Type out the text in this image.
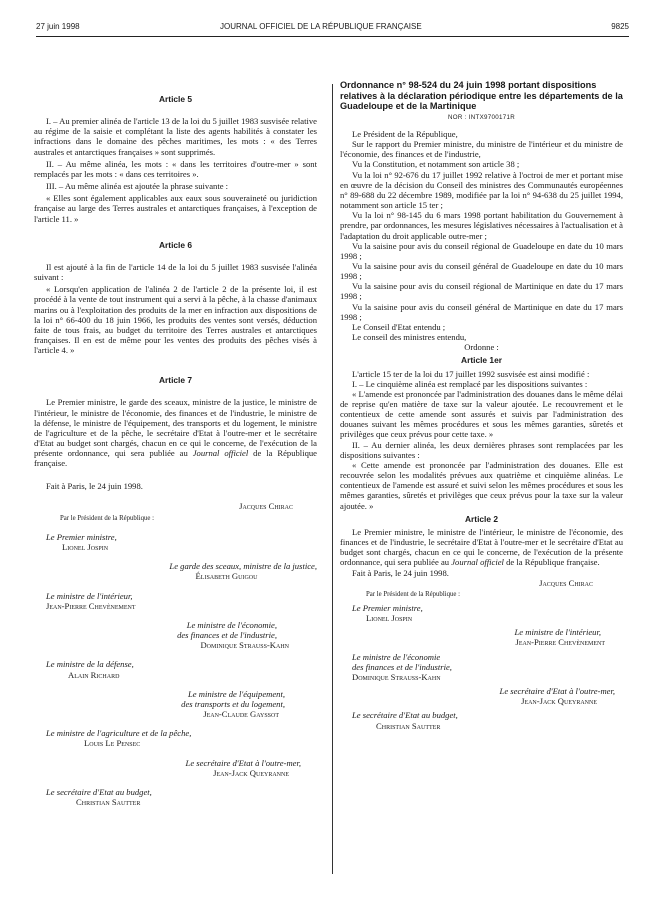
27 juin 1998	JOURNAL OFFICIEL DE LA RÉPUBLIQUE FRANÇAISE	9825
Article 5

I. – Au premier alinéa de l'article 13 de la loi du 5 juillet 1983 susvisée relative au régime de la saisie et complétant la liste des agents habilités à constater les infractions dans le domaine des pêches maritimes, les mots : « des Terres australes et antarctiques françaises » sont supprimés.

II. – Au même alinéa, les mots : « dans les territoires d'outre-mer » sont remplacés par les mots : « dans ces territoires ».

III. – Au même alinéa est ajoutée la phrase suivante :

« Elles sont également applicables aux eaux sous souveraineté ou juridiction française au large des Terres australes et antarctiques françaises, à l'exception de l'article 11. »

Article 6

Il est ajouté à la fin de l'article 14 de la loi du 5 juillet 1983 susvisée l'alinéa suivant :

« Lorsqu'en application de l'alinéa 2 de l'article 2 de la présente loi, il est procédé à la vente de tout instrument qui a servi à la pêche, à la chasse d'animaux marins ou à l'exploitation des produits de la mer en infraction aux dispositions de la loi n° 66-400 du 18 juin 1966, les produits des ventes sont versés, déduction faite de tous frais, au budget du territoire des Terres australes et antarctiques françaises. Il en est de même pour les ventes des produits des pêches visés à l'article 4. »

Article 7

Le Premier ministre, le garde des sceaux, ministre de la justice, le ministre de l'intérieur, le ministre de l'économie, des finances et de l'industrie, le ministre de la défense, le ministre de l'équipement, des transports et du logement, le ministre de l'agriculture et de la pêche, le secrétaire d'Etat à l'outre-mer et le secrétaire d'Etat au budget sont chargés, chacun en ce qui le concerne, de l'exécution de la présente ordonnance, qui sera publiée au Journal officiel de la République française.

Fait à Paris, le 24 juin 1998.

Jacques Chirac

Par le Président de la République :

Le Premier ministre,

Lionel Jospin

Le garde des sceaux, ministre de la justice,

Élisabeth Guigou

Le ministre de l'intérieur,

Jean-Pierre Chevènement

Le ministre de l'économie,

des finances et de l'industrie,

Dominique Strauss-Kahn

Le ministre de la défense,

Alain Richard

Le ministre de l'équipement,

des transports et du logement,

Jean-Claude Gayssot

Le ministre de l'agriculture et de la pêche,

Louis Le Pensec

Le secrétaire d'Etat à l'outre-mer,

Jean-Jack Queyranne

Le secrétaire d'Etat au budget,

Christian Sautter

Ordonnance n° 98-524 du 24 juin 1998 portant dispositions relatives à la déclaration périodique entre les départements de la Guadeloupe et de la Martinique
NOR : INTX9700171R

Le Président de la République,

Sur le rapport du Premier ministre, du ministre de l'intérieur et du ministre de l'économie, des finances et de l'industrie,

Vu la Constitution, et notamment son article 38 ;

Vu la loi n° 92-676 du 17 juillet 1992 relative à l'octroi de mer et portant mise en œuvre de la décision du Conseil des ministres des Communautés européennes n° 89-688 du 22 décembre 1989, modifiée par la loi n° 94-638 du 25 juillet 1994, notamment son article 15 ter ;

Vu la loi n° 98-145 du 6 mars 1998 portant habilitation du Gouvernement à prendre, par ordonnances, les mesures législatives nécessaires à l'actualisation et à l'adaptation du droit applicable outre-mer ;

Vu la saisine pour avis du conseil régional de Guadeloupe en date du 10 mars 1998 ;

Vu la saisine pour avis du conseil général de Guadeloupe en date du 10 mars 1998 ;

Vu la saisine pour avis du conseil régional de Martinique en date du 17 mars 1998 ;

Vu la saisine pour avis du conseil général de Martinique en date du 17 mars 1998 ;

Le Conseil d'Etat entendu ;

Le conseil des ministres entendu,

Ordonne :

Article 1er

L'article 15 ter de la loi du 17 juillet 1992 susvisée est ainsi modifié :

I. – Le cinquième alinéa est remplacé par les dispositions suivantes :

« L'amende est prononcée par l'administration des douanes dans le même délai de reprise qu'en matière de taxe sur la valeur ajoutée. Le recouvrement et le contentieux de cette amende sont assurés et suivis par l'administration des douanes suivant les mêmes procédures et sous les mêmes garanties, sûretés et privilèges que ceux prévus pour cette taxe. »

II. – Au dernier alinéa, les deux dernières phrases sont remplacées par les dispositions suivantes :

« Cette amende est prononcée par l'administration des douanes. Elle est recouvrée selon les modalités prévues aux quatrième et cinquième alinéas. Le contentieux de l'amende est assuré et suivi selon les mêmes procédures et sous les mêmes garanties, sûretés et privilèges que ceux prévus pour la taxe sur la valeur ajoutée. »

Article 2

Le Premier ministre, le ministre de l'intérieur, le ministre de l'économie, des finances et de l'industrie, le secrétaire d'Etat à l'outre-mer et le secrétaire d'Etat au budget sont chargés, chacun en ce qui le concerne, de l'exécution de la présente ordonnance, qui sera publiée au Journal officiel de la République française.

Fait à Paris, le 24 juin 1998.

Jacques Chirac

Par le Président de la République :

Le Premier ministre,

Lionel Jospin

Le ministre de l'intérieur,

Jean-Pierre Chevènement

Le ministre de l'économie

des finances et de l'industrie,

Dominique Strauss-Kahn

Le secrétaire d'Etat à l'outre-mer,

Jean-Jack Queyranne

Le secrétaire d'Etat au budget,

Christian Sautter
